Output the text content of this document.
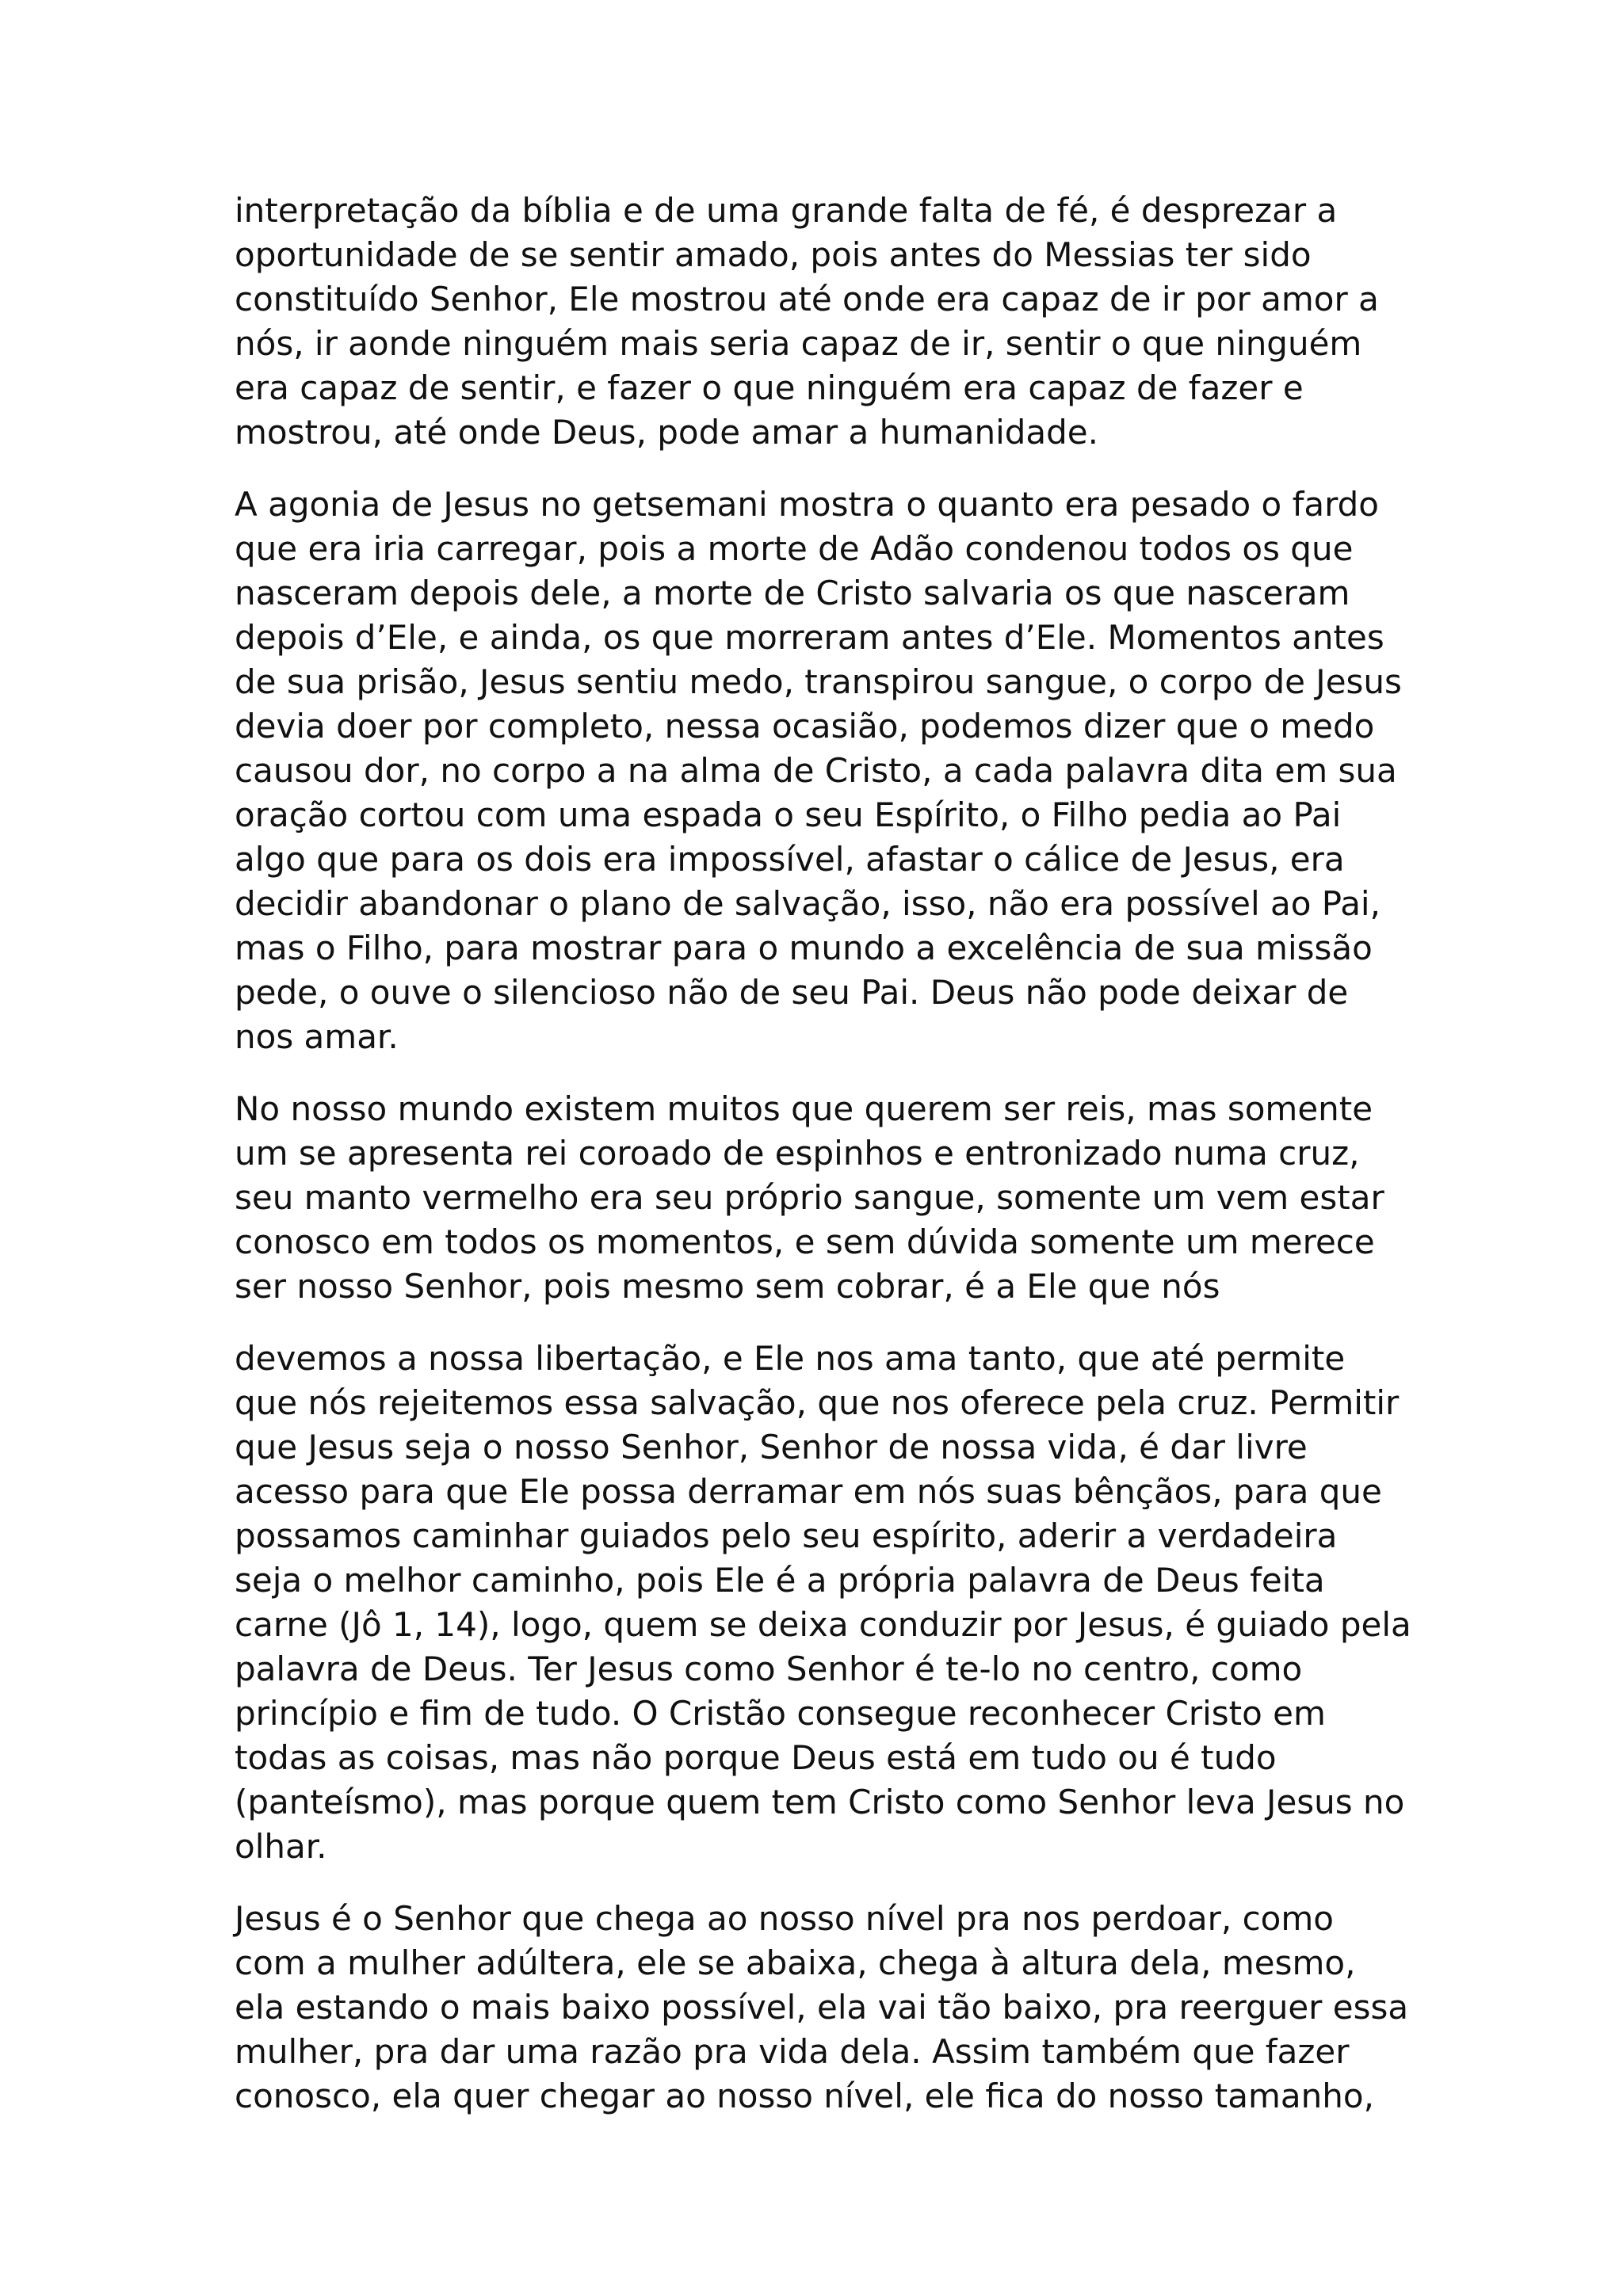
interpretação da bíblia e de uma grande falta de fé, é desprezar a
oportunidade de se sentir amado, pois antes do Messias ter sido
constituído Senhor, Ele mostrou até onde era capaz de ir por amor a
nós, ir aonde ninguém mais seria capaz de ir, sentir o que ninguém
era capaz de sentir, e fazer o que ninguém era capaz de fazer e
mostrou, até onde Deus, pode amar a humanidade.

A agonia de Jesus no getsemani mostra o quanto era pesado o fardo
que era iria carregar, pois a morte de Adão condenou todos os que
nasceram depois dele, a morte de Cristo salvaria os que nasceram
depois d’Ele, e ainda, os que morreram antes d’Ele. Momentos antes
de sua prisão, Jesus sentiu medo, transpirou sangue, o corpo de Jesus
devia doer por completo, nessa ocasião, podemos dizer que o medo
causou dor, no corpo a na alma de Cristo, a cada palavra dita em sua
oração cortou com uma espada o seu Espírito, o Filho pedia ao Pai
algo que para os dois era impossível, afastar o cálice de Jesus, era
decidir abandonar o plano de salvação, isso, não era possível ao Pai,
mas o Filho, para mostrar para o mundo a excelência de sua missão
pede, o ouve o silencioso não de seu Pai. Deus não pode deixar de
nos amar.

No nosso mundo existem muitos que querem ser reis, mas somente
um se apresenta rei coroado de espinhos e entronizado numa cruz,
seu manto vermelho era seu próprio sangue, somente um vem estar
conosco em todos os momentos, e sem dúvida somente um merece
ser nosso Senhor, pois mesmo sem cobrar, é a Ele que nós

devemos a nossa libertação, e Ele nos ama tanto, que até permite
que nós rejeitemos essa salvação, que nos oferece pela cruz. Permitir
que Jesus seja o nosso Senhor, Senhor de nossa vida, é dar livre
acesso para que Ele possa derramar em nós suas bênçãos, para que
possamos caminhar guiados pelo seu espírito, aderir a verdadeira
seja o melhor caminho, pois Ele é a própria palavra de Deus feita
carne (Jô 1, 14), logo, quem se deixa conduzir por Jesus, é guiado pela
palavra de Deus. Ter Jesus como Senhor é te-lo no centro, como
princípio e fim de tudo. O Cristão consegue reconhecer Cristo em
todas as coisas, mas não porque Deus está em tudo ou é tudo
(panteísmo), mas porque quem tem Cristo como Senhor leva Jesus no
olhar.

Jesus é o Senhor que chega ao nosso nível pra nos perdoar, como
com a mulher adúltera, ele se abaixa, chega à altura dela, mesmo,
ela estando o mais baixo possível, ela vai tão baixo, pra reerguer essa
mulher, pra dar uma razão pra vida dela. Assim também que fazer
conosco, ela quer chegar ao nosso nível, ele fica do nosso tamanho,
